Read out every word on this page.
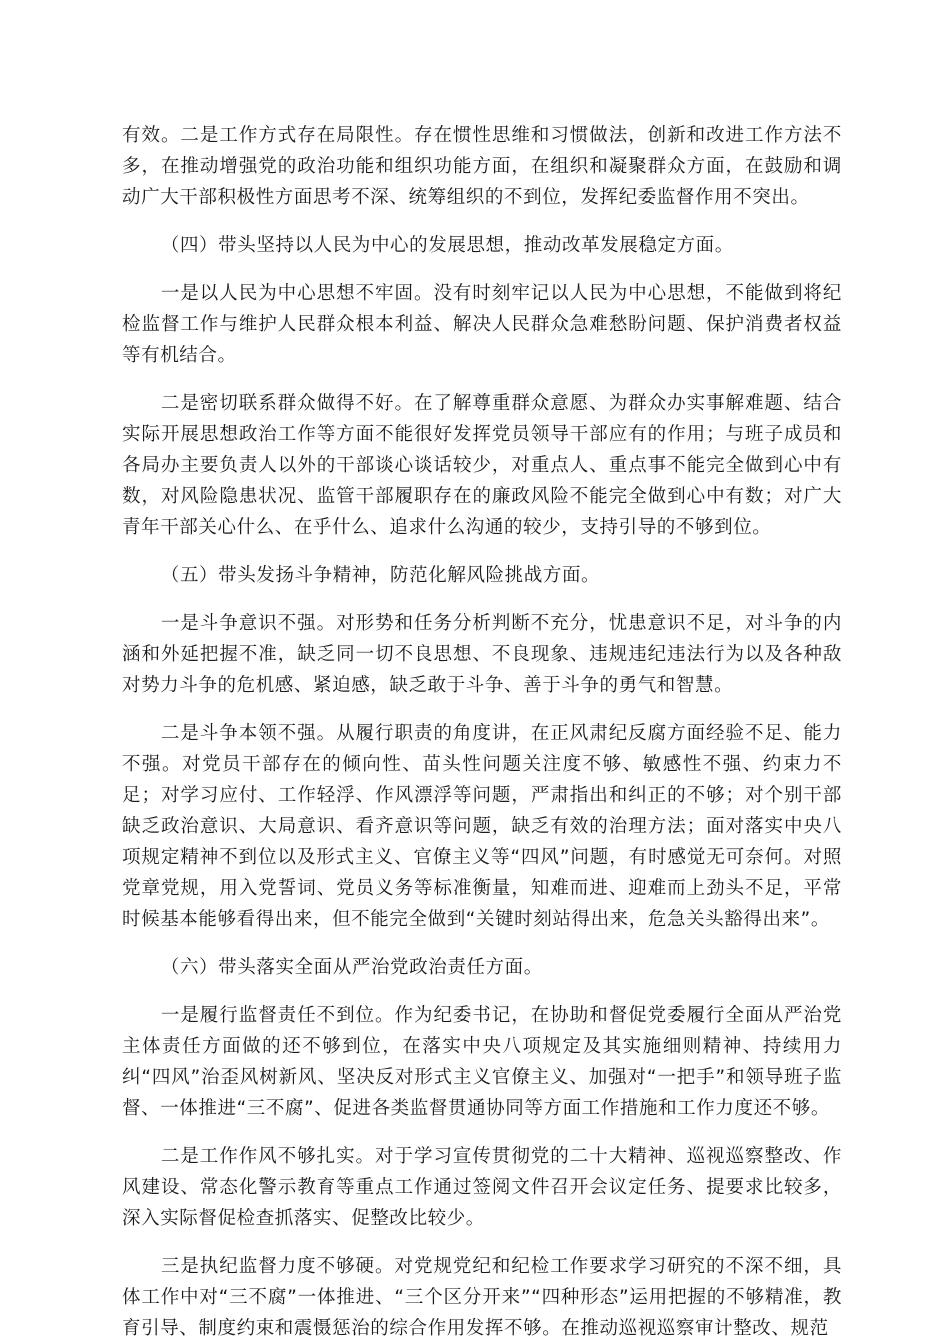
有效。二是工作方式存在局限性。存在惯性思维和习惯做法，创新和改进工作方法不多，在推动增强党的政治功能和组织功能方面，在组织和凝聚群众方面，在鼓励和调动广大干部积极性方面思考不深、统筹组织的不到位，发挥纪委监督作用不突出。

（四）带头坚持以人民为中心的发展思想，推动改革发展稳定方面。

一是以人民为中心思想不牢固。没有时刻牢记以人民为中心思想，不能做到将纪检监督工作与维护人民群众根本利益、解决人民群众急难愁盼问题、保护消费者权益等有机结合。

二是密切联系群众做得不好。在了解尊重群众意愿、为群众办实事解难题、结合实际开展思想政治工作等方面不能很好发挥党员领导干部应有的作用；与班子成员和各局办主要负责人以外的干部谈心谈话较少，对重点人、重点事不能完全做到心中有数，对风险隐患状况、监管干部履职存在的廉政风险不能完全做到心中有数；对广大青年干部关心什么、在乎什么、追求什么沟通的较少，支持引导的不够到位。

（五）带头发扬斗争精神，防范化解风险挑战方面。

一是斗争意识不强。对形势和任务分析判断不充分，忧患意识不足，对斗争的内涵和外延把握不准，缺乏同一切不良思想、不良现象、违规违纪违法行为以及各种敌对势力斗争的危机感、紧迫感，缺乏敢于斗争、善于斗争的勇气和智慧。

二是斗争本领不强。从履行职责的角度讲，在正风肃纪反腐方面经验不足、能力不强。对党员干部存在的倾向性、苗头性问题关注度不够、敏感性不强、约束力不足；对学习应付、工作轻浮、作风漂浮等问题，严肃指出和纠正的不够；对个别干部缺乏政治意识、大局意识、看齐意识等问题，缺乏有效的治理方法；面对落实中央八项规定精神不到位以及形式主义、官僚主义等“四风”问题，有时感觉无可奈何。对照党章党规，用入党誓词、党员义务等标准衡量，知难而进、迎难而上劲头不足，平常时候基本能够看得出来，但不能完全做到“关键时刻站得出来，危急关头豁得出来”。

（六）带头落实全面从严治党政治责任方面。

一是履行监督责任不到位。作为纪委书记，在协助和督促党委履行全面从严治党主体责任方面做的还不够到位，在落实中央八项规定及其实施细则精神、持续用力纠“四风”治歪风树新风、坚决反对形式主义官僚主义、加强对“一把手”和领导班子监督、一体推进“三不腐”、促进各类监督贯通协同等方面工作措施和工作力度还不够。

二是工作作风不够扎实。对于学习宣传贯彻党的二十大精神、巡视巡察整改、作风建设、常态化警示教育等重点工作通过签阅文件召开会议定任务、提要求比较多，深入实际督促检查抓落实、促整改比较少。

三是执纪监督力度不够硬。对党规党纪和纪检工作要求学习研究的不深不细，具体工作中对“三不腐”一体推进、“三个区分开来”“四种形态”运用把握的不够精准，教育引导、制度约束和震慑惩治的综合作用发挥不够。在推动巡视巡察审计整改、规范
